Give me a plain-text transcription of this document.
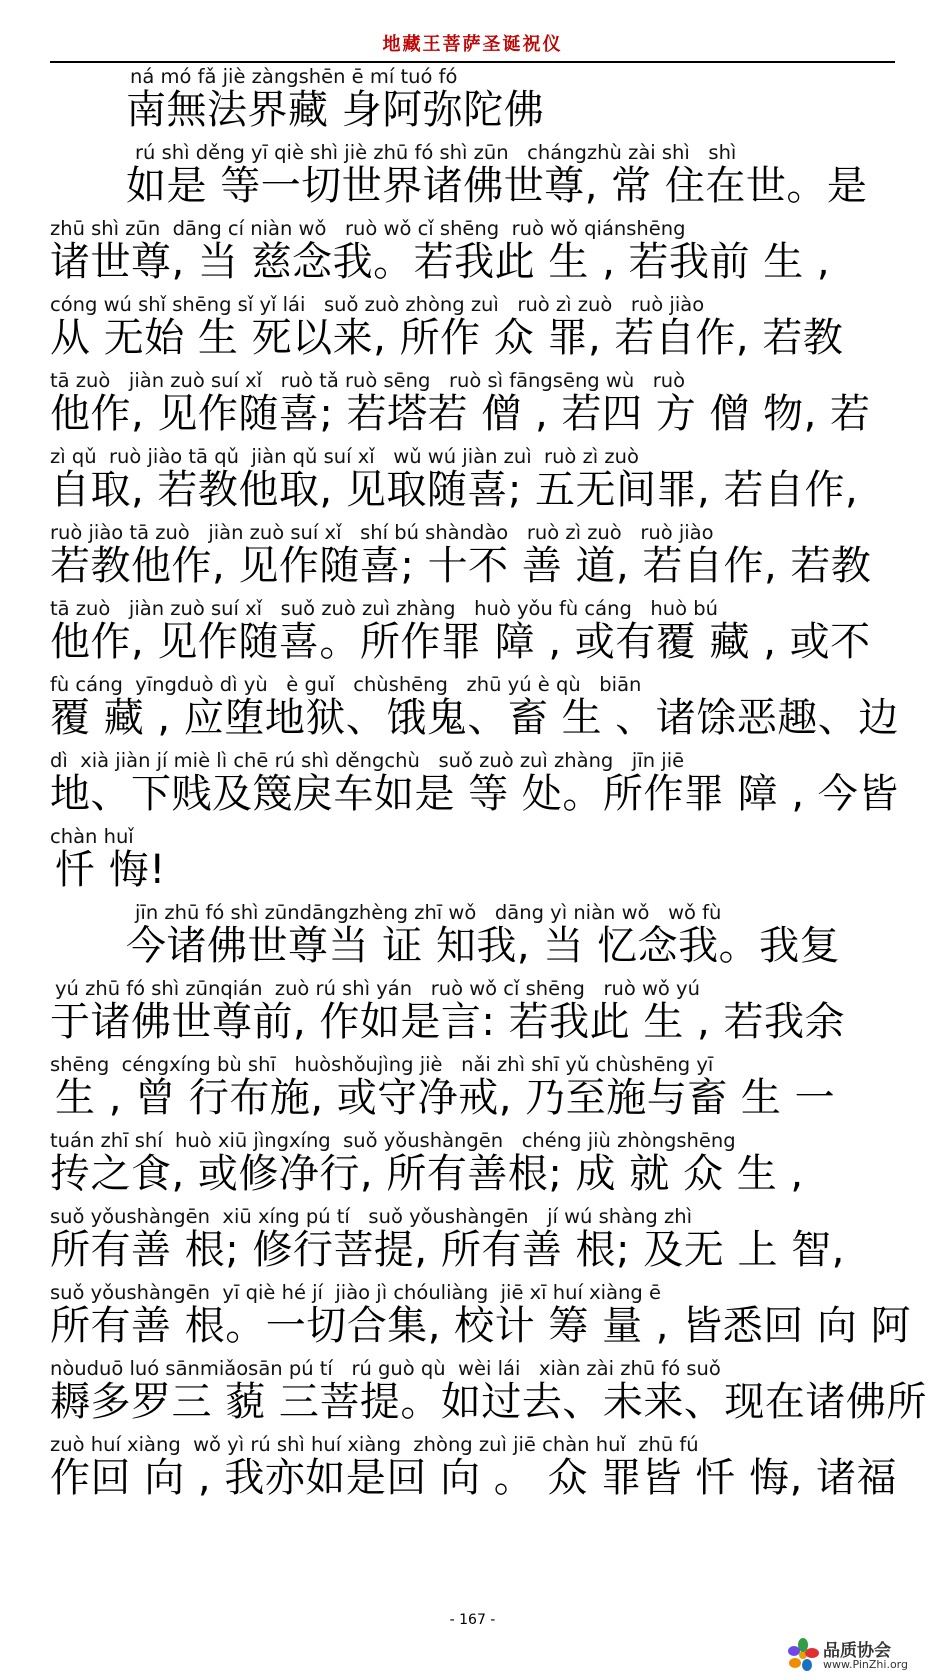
地藏王菩萨圣诞祝仪
ná mó fǎ jiè zàngshēn ē mí tuó fó
南無法界藏 身阿弥陀佛
rú shì děng yī qiè shì jiè zhū fó shì zūn   chángzhù zài shì   shì
如是 等一切世界诸佛世尊, 常 住在世。是
zhū shì zūn  dāng cí niàn wǒ   ruò wǒ cǐ shēng  ruò wǒ qiánshēng
诸世尊, 当 慈念我。若我此 生 , 若我前 生 ,
cóng wú shǐ shēng sǐ yǐ lái   suǒ zuò zhòng zuì   ruò zì zuò   ruò jiào
从 无始 生 死以来, 所作 众 罪, 若自作, 若教
tā zuò   jiàn zuò suí xǐ   ruò tǎ ruò sēng   ruò sì fāngsēng wù   ruò
他作, 见作随喜; 若塔若 僧 , 若四 方 僧 物, 若
zì qǔ  ruò jiào tā qǔ  jiàn qǔ suí xǐ   wǔ wú jiàn zuì  ruò zì zuò
自取, 若教他取, 见取随喜; 五无间罪, 若自作,
ruò jiào tā zuò   jiàn zuò suí xǐ   shí bú shàndào   ruò zì zuò   ruò jiào
若教他作, 见作随喜; 十不 善 道, 若自作, 若教
tā zuò   jiàn zuò suí xǐ   suǒ zuò zuì zhàng   huò yǒu fù cáng   huò bú
他作, 见作随喜。所作罪 障 , 或有覆 藏 , 或不
fù cáng  yīngduò dì yù   è guǐ   chùshēng   zhū yú è qù   biān
覆 藏 , 应堕地狱、饿鬼、畜 生 、诸馀恶趣、边
dì  xià jiàn jí miè lì chē rú shì děngchù   suǒ zuò zuì zhàng   jīn jiē
地、下贱及篾戾车如是 等 处。所作罪 障 , 今皆
chàn huǐ
忏 悔!
jīn zhū fó shì zūndāngzhèng zhī wǒ   dāng yì niàn wǒ   wǒ fù
今诸佛世尊当 证 知我, 当 忆念我。我复
yú zhū fó shì zūnqián  zuò rú shì yán   ruò wǒ cǐ shēng   ruò wǒ yú
于诸佛世尊前, 作如是言: 若我此 生 , 若我余
shēng  céngxíng bù shī   huòshǒujìng jiè   nǎi zhì shī yǔ chùshēng yī
生 , 曾 行布施, 或守净戒, 乃至施与畜 生 一
tuán zhī shí  huò xiū jìngxíng  suǒ yǒushàngēn   chéng jiù zhòngshēng
抟之食, 或修净行, 所有善根; 成 就 众 生 ,
suǒ yǒushàngēn  xiū xíng pú tí   suǒ yǒushàngēn   jí wú shàng zhì
所有善 根; 修行菩提, 所有善 根; 及无 上 智,
suǒ yǒushàngēn  yī qiè hé jí  jiào jì chóuliàng  jiē xī huí xiàng ē
所有善 根。一切合集, 校计 筹 量 , 皆悉回 向 阿
nòuduō luó sānmiǎosān pú tí   rú guò qù  wèi lái   xiàn zài zhū fó suǒ
耨多罗三 藐 三菩提。如过去、未来、现在诸佛所
zuò huí xiàng  wǒ yì rú shì huí xiàng  zhòng zuì jiē chàn huǐ  zhū fú
作回 向 , 我亦如是回 向 。 众 罪皆 忏 悔, 诸福
- 167 -
品质协会
www.PinZhi.org
